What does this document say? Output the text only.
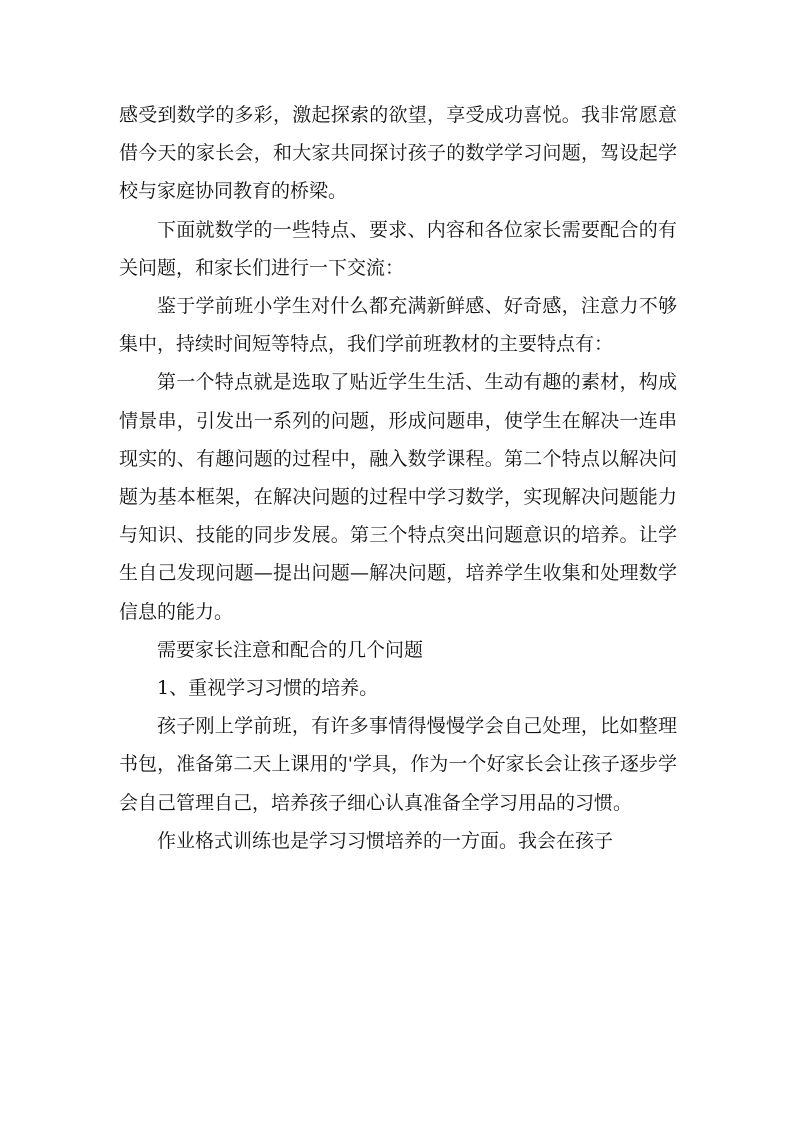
感受到数学的多彩，激起探索的欲望，享受成功喜悦。我非常愿意借今天的家长会，和大家共同探讨孩子的数学学习问题，驾设起学校与家庭协同教育的桥梁。

下面就数学的一些特点、要求、内容和各位家长需要配合的有关问题，和家长们进行一下交流：

鉴于学前班小学生对什么都充满新鲜感、好奇感，注意力不够集中，持续时间短等特点，我们学前班教材的主要特点有：

第一个特点就是选取了贴近学生生活、生动有趣的素材，构成情景串，引发出一系列的问题，形成问题串，使学生在解决一连串现实的、有趣问题的过程中，融入数学课程。第二个特点以解决问题为基本框架，在解决问题的过程中学习数学，实现解决问题能力与知识、技能的同步发展。第三个特点突出问题意识的培养。让学生自己发现问题—提出问题—解决问题，培养学生收集和处理数学信息的能力。

需要家长注意和配合的几个问题

1、重视学习习惯的培养。

孩子刚上学前班，有许多事情得慢慢学会自己处理，比如整理书包，准备第二天上课用的'学具，作为一个好家长会让孩子逐步学会自己管理自己，培养孩子细心认真准备全学习用品的习惯。

作业格式训练也是学习习惯培养的一方面。我会在孩子
